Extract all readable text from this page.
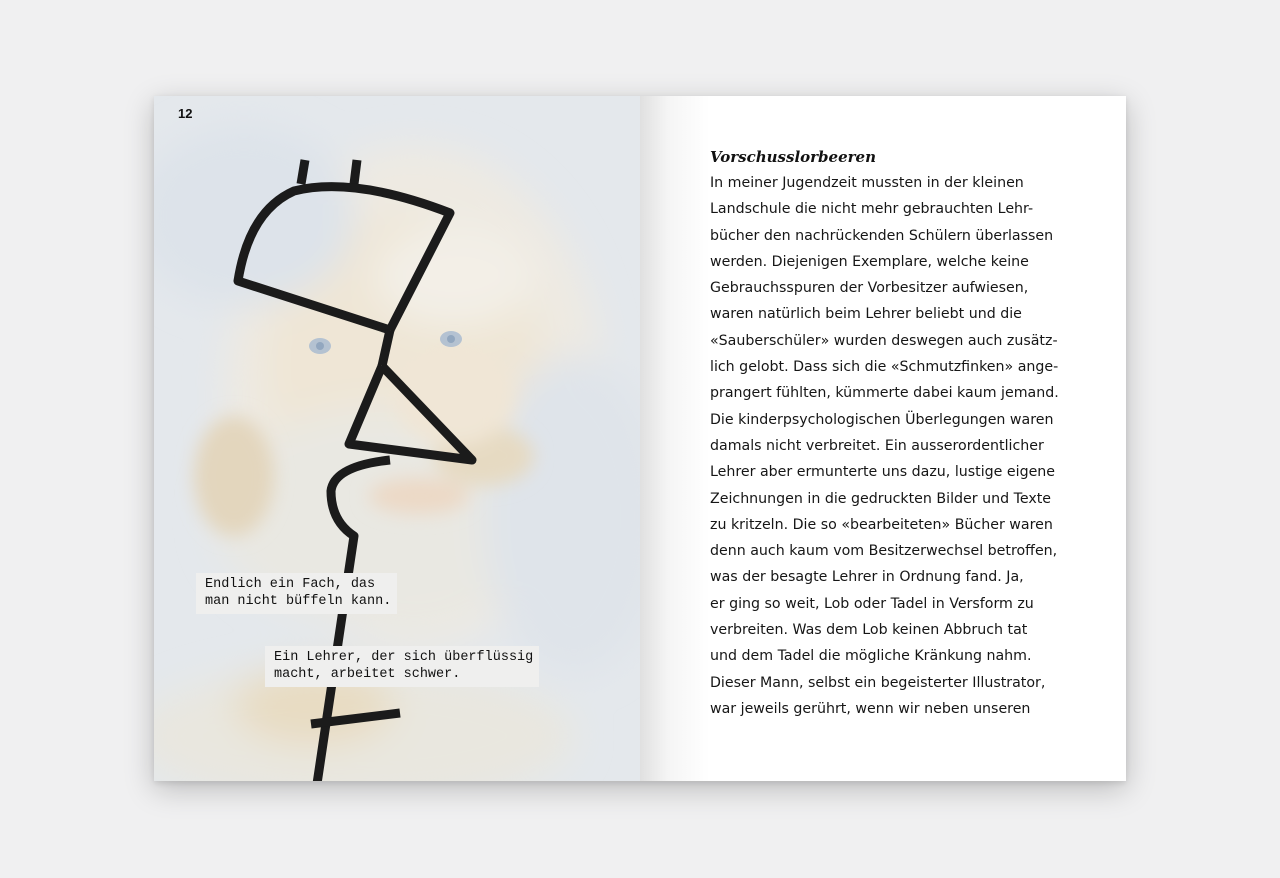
12
Endlich ein Fach, das
man nicht büffeln kann.
Ein Lehrer, der sich überflüssig
macht, arbeitet schwer.
Vorschusslorbeeren
In meiner Jugendzeit mussten in der kleinen
Landschule die nicht mehr gebrauchten Lehr-
bücher den nachrückenden Schülern überlassen
werden. Diejenigen Exemplare, welche keine
Gebrauchsspuren der Vorbesitzer aufwiesen,
waren natürlich beim Lehrer beliebt und die
«Sauberschüler» wurden deswegen auch zusätz-
lich gelobt. Dass sich die «Schmutzfinken» ange-
prangert fühlten, kümmerte dabei kaum jemand.
Die kinderpsychologischen Überlegungen waren
damals nicht verbreitet. Ein ausserordentlicher
Lehrer aber ermunterte uns dazu, lustige eigene
Zeichnungen in die gedruckten Bilder und Texte
zu kritzeln. Die so «bearbeiteten» Bücher waren
denn auch kaum vom Besitzerwechsel betroffen,
was der besagte Lehrer in Ordnung fand. Ja,
er ging so weit, Lob oder Tadel in Versform zu
verbreiten. Was dem Lob keinen Abbruch tat
und dem Tadel die mögliche Kränkung nahm.
Dieser Mann, selbst ein begeisterter Illustrator,
war jeweils gerührt, wenn wir neben unseren
